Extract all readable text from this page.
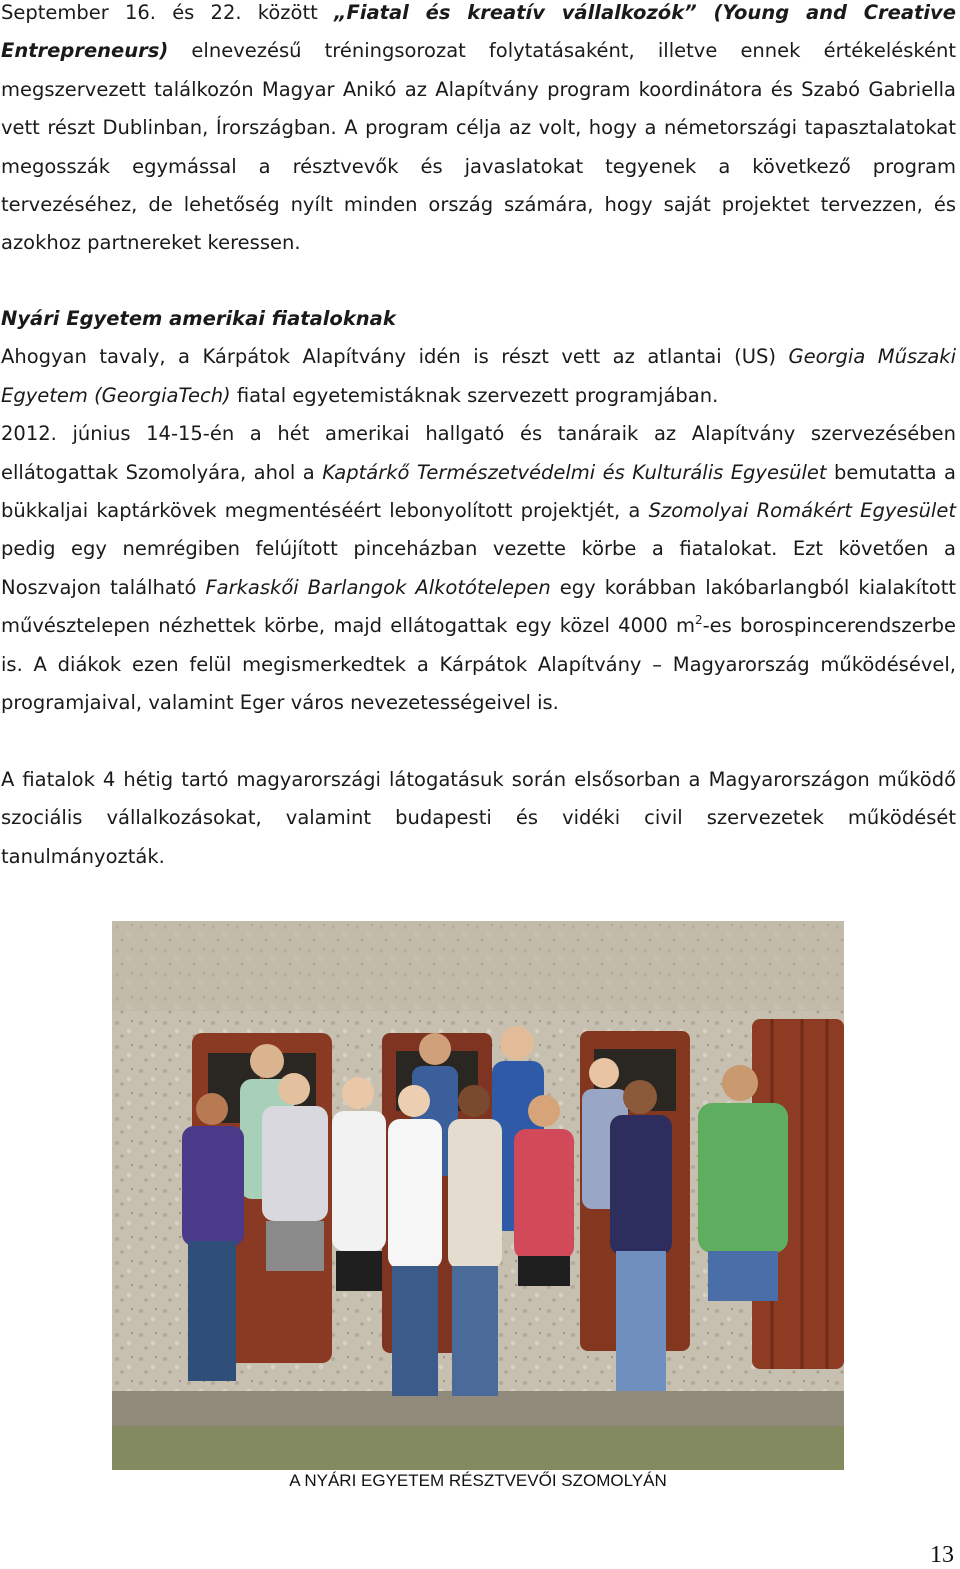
September 16. és 22. között „Fiatal és kreatív vállalkozók” (Young and Creative Entrepreneurs) elnevezésű tréningsorozat folytatásaként, illetve ennek értékelésként megszervezett találkozón Magyar Anikó az Alapítvány program koordinátora és Szabó Gabriella vett részt Dublinban, Írországban. A program célja az volt, hogy a németországi tapasztalatokat megosszák egymással a résztvevők és javaslatokat tegyenek a következő program tervezéséhez, de lehetőség nyílt minden ország számára, hogy saját projektet tervezzen, és azokhoz partnereket keressen.

Nyári Egyetem amerikai fiataloknak

Ahogyan tavaly, a Kárpátok Alapítvány idén is részt vett az atlantai (US) Georgia Műszaki Egyetem (GeorgiaTech) fiatal egyetemistáknak szervezett programjában.

2012. június 14-15-én a hét amerikai hallgató és tanáraik az Alapítvány szervezésében ellátogattak Szomolyára, ahol a Kaptárkő Természetvédelmi és Kulturális Egyesület bemutatta a bükkaljai kaptárkövek megmentéséért lebonyolított projektjét, a Szomolyai Romákért Egyesület pedig egy nemrégiben felújított pinceházban vezette körbe a fiatalokat. Ezt követően a Noszvajon található Farkaskői Barlangok Alkotótelepen egy korábban lakóbarlangból kialakított művésztelepen nézhettek körbe, majd ellátogattak egy közel 4000 $m^2-es$ borospincerendszerbe is. A diákok ezen felül megismerkedtek a Kárpátok Alapítvány – Magyarország működésével, programjaival, valamint Eger város nevezetességeivel is.

A fiatalok 4 hétig tartó magyarországi látogatásuk során elsősorban a Magyarországon működő szociális vállalkozásokat, valamint budapesti és vidéki civil szervezetek működését tanulmányozták.

A NYÁRI EGYETEM RÉSZTVEVŐI SZOMOLYÁN
13
